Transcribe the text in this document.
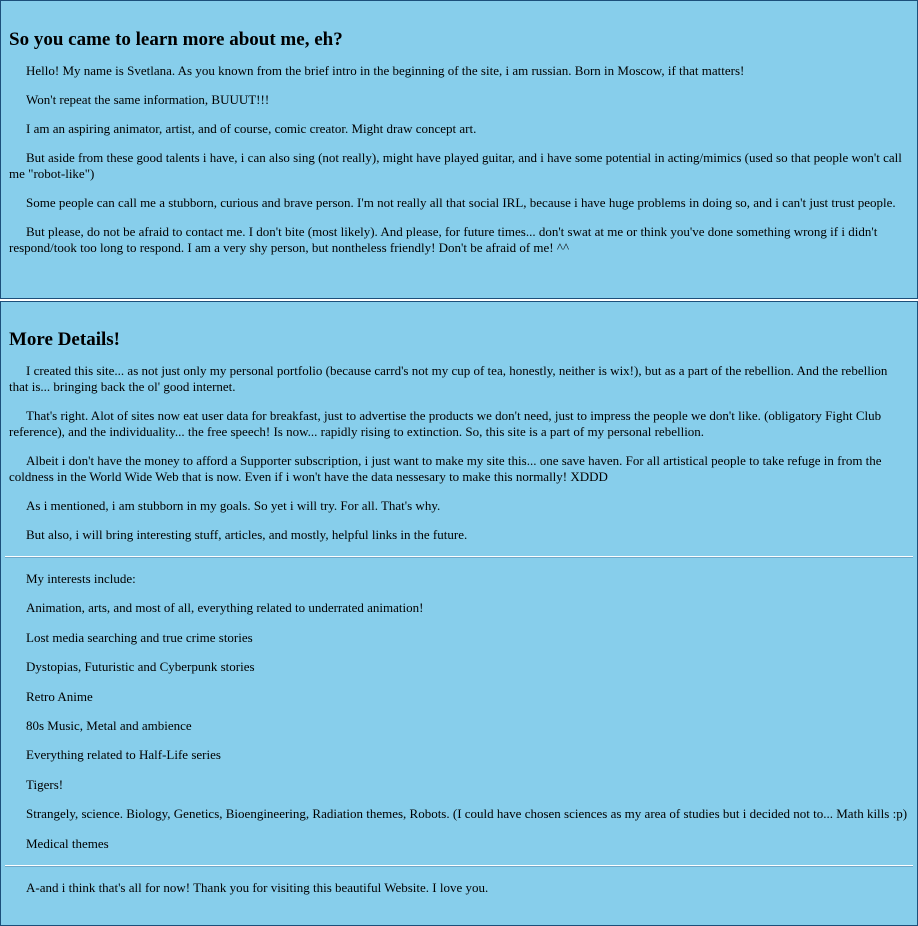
So you came to learn more about me, eh?

Hello! My name is Svetlana. As you known from the brief intro in the beginning of the site, i am russian. Born in Moscow, if that matters!

Won't repeat the same information, BUUUT!!!

I am an aspiring animator, artist, and of course, comic creator. Might draw concept art.

But aside from these good talents i have, i can also sing (not really), might have played guitar, and i have some potential in acting/mimics (used so that people won't call me "robot-like")

Some people can call me a stubborn, curious and brave person. I'm not really all that social IRL, because i have huge problems in doing so, and i can't just trust people.

But please, do not be afraid to contact me. I don't bite (most likely). And please, for future times... don't swat at me or think you've done something wrong if i didn't respond/took too long to respond. I am a very shy person, but nontheless friendly! Don't be afraid of me! ^^

More Details!

I created this site... as not just only my personal portfolio (because carrd's not my cup of tea, honestly, neither is wix!), but as a part of the rebellion. And the rebellion that is... bringing back the ol' good internet.

That's right. Alot of sites now eat user data for breakfast, just to advertise the products we don't need, just to impress the people we don't like. (obligatory Fight Club reference), and the individuality... the free speech! Is now... rapidly rising to extinction. So, this site is a part of my personal rebellion.

Albeit i don't have the money to afford a Supporter subscription, i just want to make my site this... one save haven. For all artistical people to take refuge in from the coldness in the World Wide Web that is now. Even if i won't have the data nessesary to make this normally! XDDD

As i mentioned, i am stubborn in my goals. So yet i will try. For all. That's why.

But also, i will bring interesting stuff, articles, and mostly, helpful links in the future.

My interests include:

Animation, arts, and most of all, everything related to underrated animation!

Lost media searching and true crime stories

Dystopias, Futuristic and Cyberpunk stories

Retro Anime

80s Music, Metal and ambience

Everything related to Half-Life series

Tigers!

Strangely, science. Biology, Genetics, Bioengineering, Radiation themes, Robots. (I could have chosen sciences as my area of studies but i decided not to... Math kills :p)

Medical themes

A-and i think that's all for now! Thank you for visiting this beautiful Website. I love you.
